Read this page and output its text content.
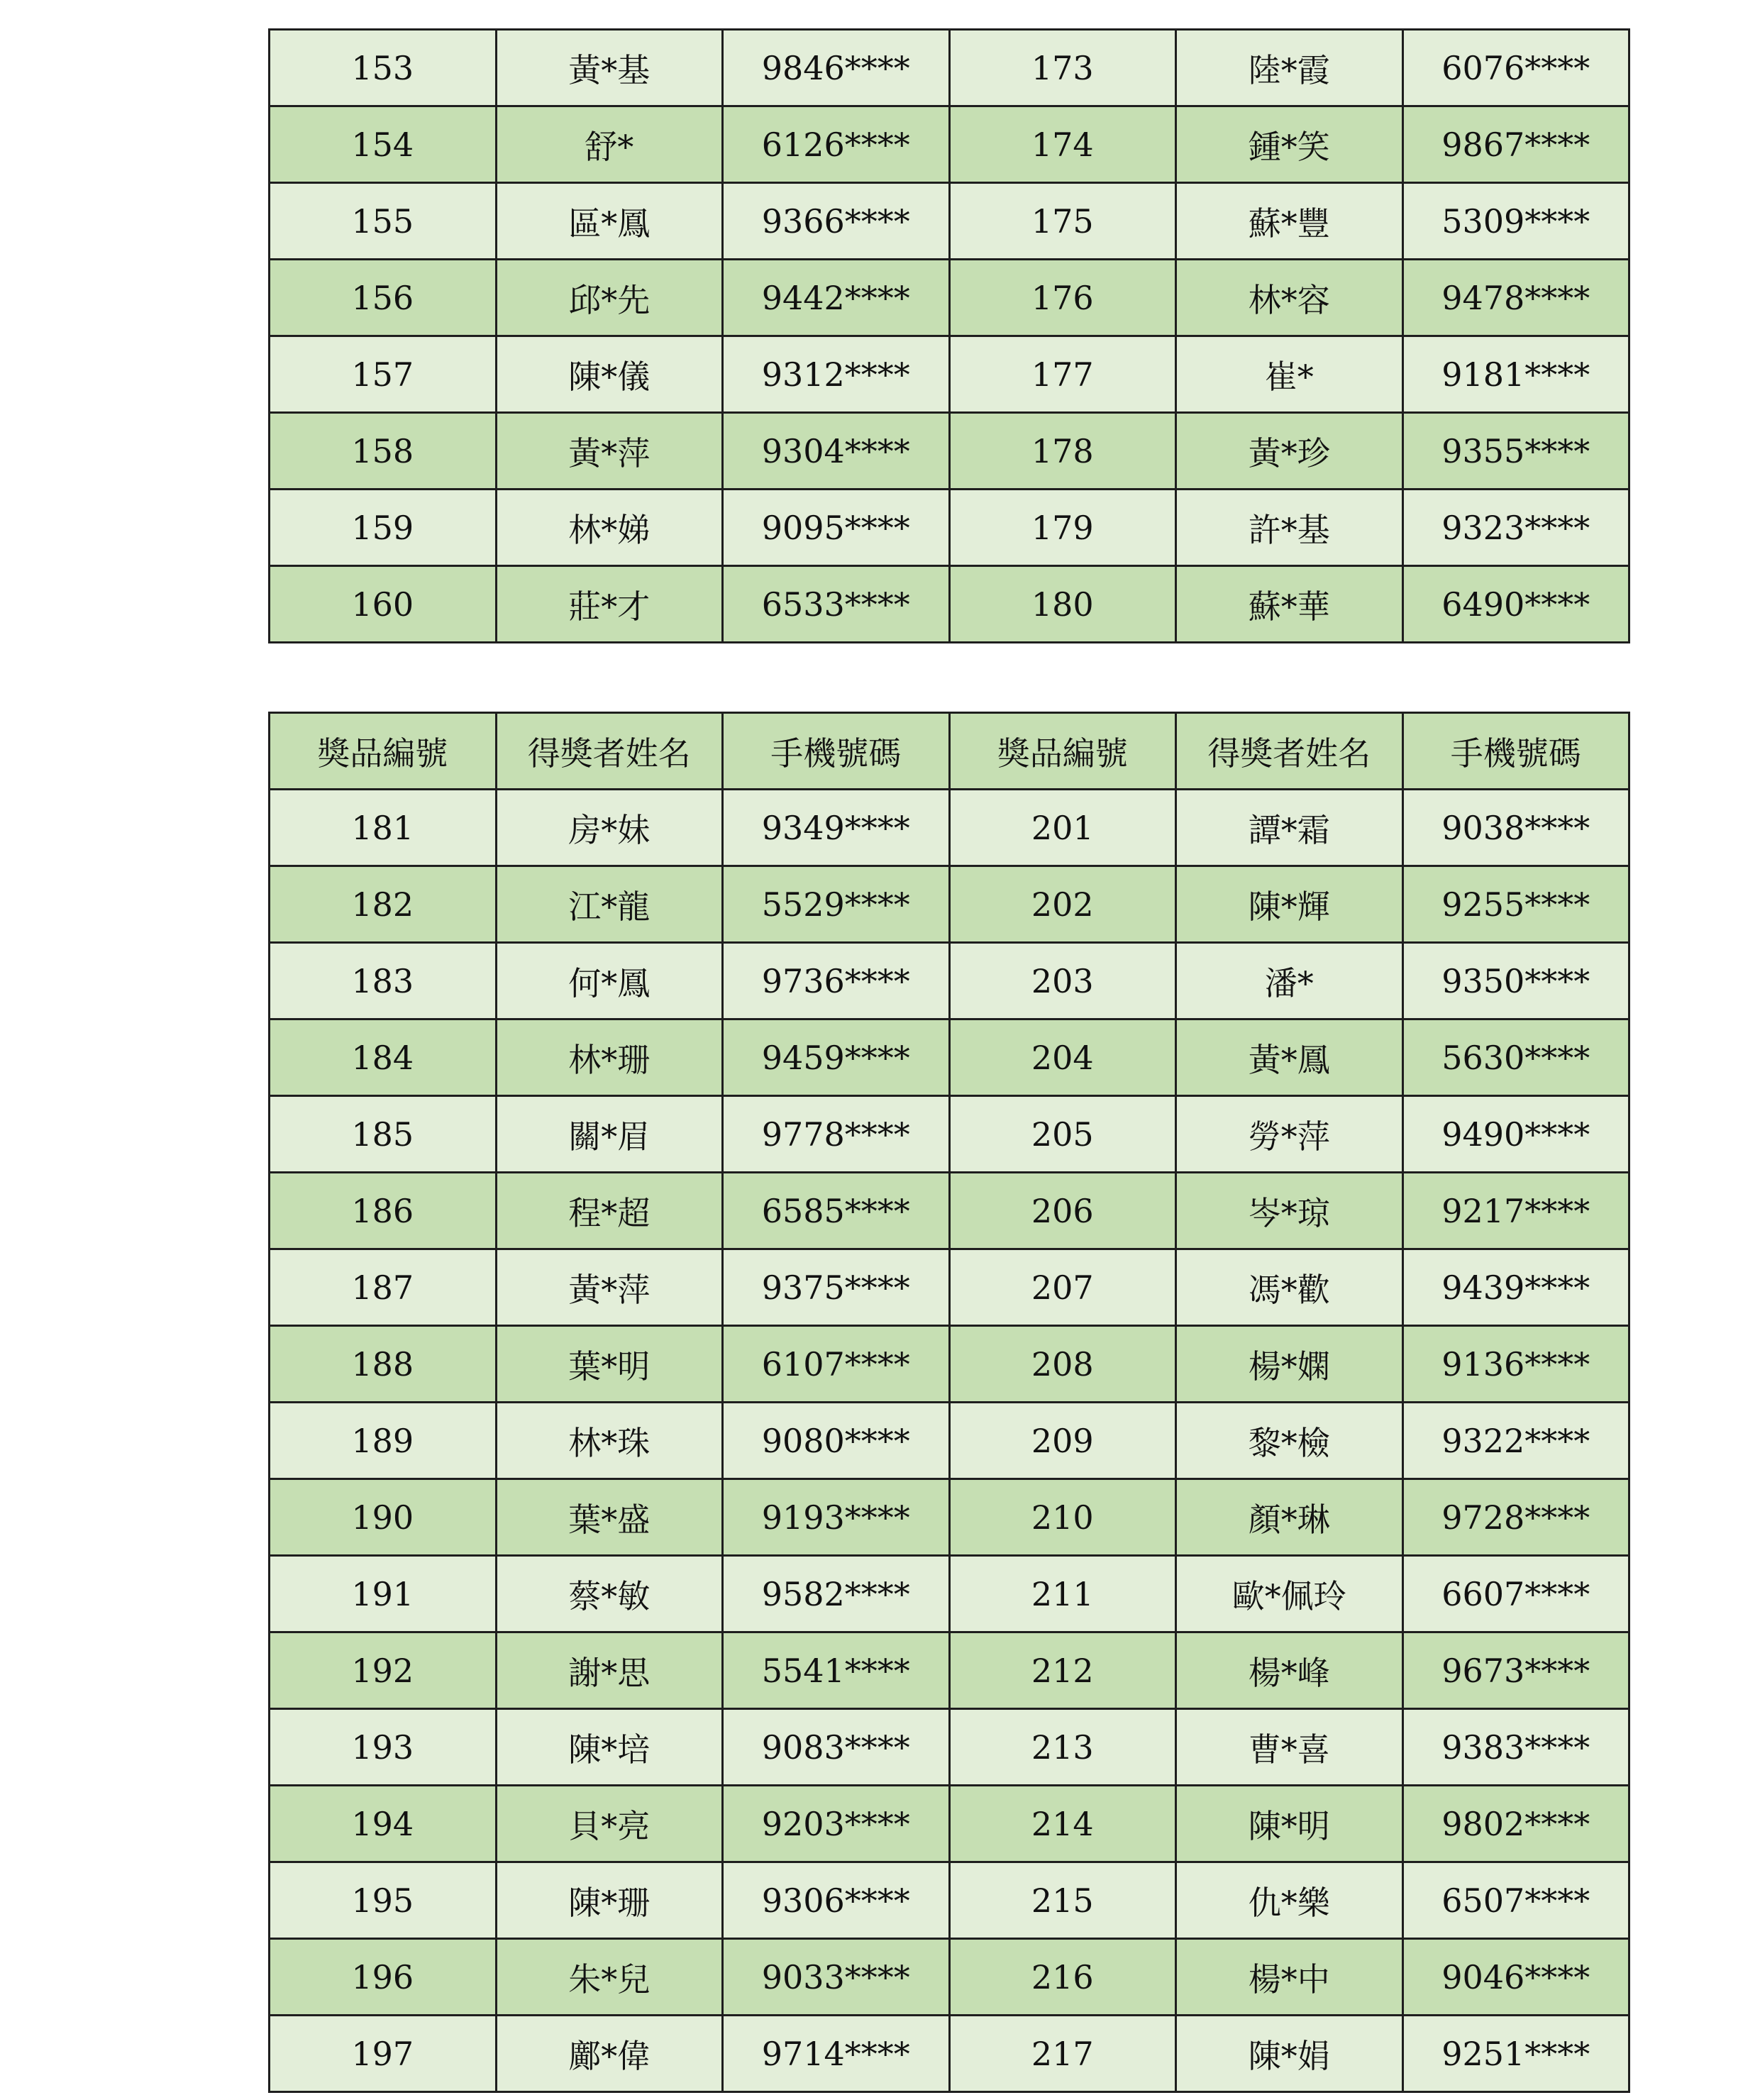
153	黃*基	9846****	173	陸*霞	6076****
154	舒*	6126****	174	鍾*笑	9867****
155	區*鳳	9366****	175	蘇*豐	5309****
156	邱*先	9442****	176	林*容	9478****
157	陳*儀	9312****	177	崔*	9181****
158	黃*萍	9304****	178	黃*珍	9355****
159	林*娣	9095****	179	許*基	9323****
160	莊*才	6533****	180	蘇*華	6490****
獎品編號	得獎者姓名	手機號碼	獎品編號	得獎者姓名	手機號碼
181	房*妹	9349****	201	譚*霜	9038****
182	江*龍	5529****	202	陳*輝	9255****
183	何*鳳	9736****	203	潘*	9350****
184	林*珊	9459****	204	黃*鳳	5630****
185	關*眉	9778****	205	勞*萍	9490****
186	程*超	6585****	206	岑*琼	9217****
187	黃*萍	9375****	207	馮*歡	9439****
188	葉*明	6107****	208	楊*嫻	9136****
189	林*珠	9080****	209	黎*檢	9322****
190	葉*盛	9193****	210	顏*琳	9728****
191	蔡*敏	9582****	211	歐*佩玲	6607****
192	謝*思	5541****	212	楊*峰	9673****
193	陳*培	9083****	213	曹*喜	9383****
194	貝*亮	9203****	214	陳*明	9802****
195	陳*珊	9306****	215	仇*樂	6507****
196	朱*兒	9033****	216	楊*中	9046****
197	鄺*偉	9714****	217	陳*娟	9251****
